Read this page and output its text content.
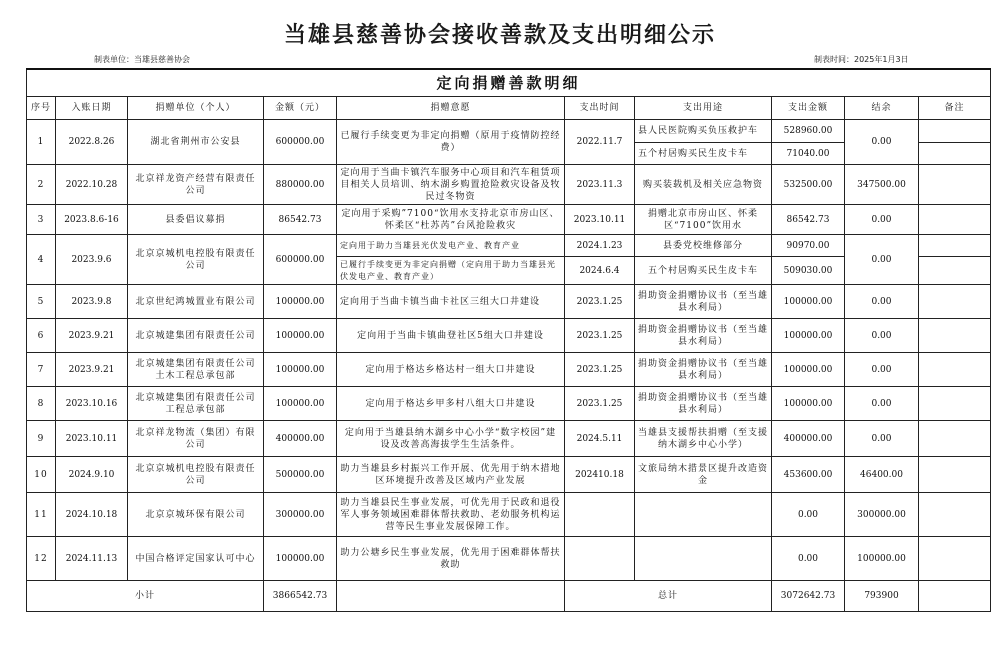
当雄县慈善协会接收善款及支出明细公示
制表单位：当雄县慈善协会	制表时间：2025年1月3日
定向捐赠善款明细									
序号	入账日期	捐赠单位（个人）	金额（元）	捐赠意愿	支出时间	支出用途	支出金额	结余	备注
1	2022.8.26	湖北省荆州市公安县	600000.00	已履行手续变更为非定向捐赠（原用于疫情防控经费）	2022.11.7	县人民医院购买负压救护车	528960.00	0.00	
						五个村居购买民生皮卡车	71040.00		
2	2022.10.28	北京祥龙资产经营有限责任公司	880000.00	定向用于当曲卡镇汽车服务中心项目和汽车租赁项目相关人员培训、纳木湖乡购置抢险救灾设备及牧民过冬物资	2023.11.3	购买装载机及相关应急物资	532500.00	347500.00	
3	2023.8.6-16	县委倡议募捐	86542.73	定向用于采购”7100“饮用水支持北京市房山区、怀柔区“杜苏芮”台风抢险救灾	2023.10.11	捐赠北京市房山区、怀柔区“7100”饮用水	86542.73	0.00	
4	2023.9.6	北京京城机电控股有限责任公司	600000.00	定向用于助力当雄县光伏发电产业、教育产业	2024.1.23	县委党校维修部分	90970.00	0.00	
				已履行手续变更为非定向捐赠（定向用于助力当雄县光伏发电产业、教育产业）	2024.6.4	五个村居购买民生皮卡车	509030.00		
5	2023.9.8	北京世纪鸿城置业有限公司	100000.00	定向用于当曲卡镇当曲卡社区三组大口井建设	2023.1.25	捐助资金捐赠协议书（至当雄县水利局）	100000.00	0.00	
6	2023.9.21	北京城建集团有限责任公司	100000.00	定向用于当曲卡镇曲登社区5组大口井建设	2023.1.25	捐助资金捐赠协议书（至当雄县水利局）	100000.00	0.00	
7	2023.9.21	北京城建集团有限责任公司土木工程总承包部	100000.00	定向用于格达乡格达村一组大口井建设	2023.1.25	捐助资金捐赠协议书（至当雄县水利局）	100000.00	0.00	
8	2023.10.16	北京城建集团有限责任公司工程总承包部	100000.00	定向用于格达乡甲多村八组大口井建设	2023.1.25	捐助资金捐赠协议书（至当雄县水利局）	100000.00	0.00	
9	2023.10.11	北京祥龙物流（集团）有限公司	400000.00	定向用于当雄县纳木湖乡中心小学“数字校园”建设及改善高海拔学生生活条件。	2024.5.11	当雄县支援帮扶捐赠（至支援纳木湖乡中心小学）	400000.00	0.00	
10	2024.9.10	北京京城机电控股有限责任公司	500000.00	助力当雄县乡村振兴工作开展、优先用于纳木措地区环境提升改善及区域内产业发展	202410.18	文旅局纳木措景区提升改造资金	453600.00	46400.00	
11	2024.10.18	北京京城环保有限公司	300000.00	助力当雄县民生事业发展，可优先用于民政和退役军人事务领域困难群体帮扶救助、老幼服务机构运营等民生事业发展保障工作。			0.00	300000.00	
12	2024.11.13	中国合格评定国家认可中心	100000.00	助力公塘乡民生事业发展，优先用于困难群体帮扶救助			0.00	100000.00	
小计			3866542.73		总计		3072642.73	793900	
